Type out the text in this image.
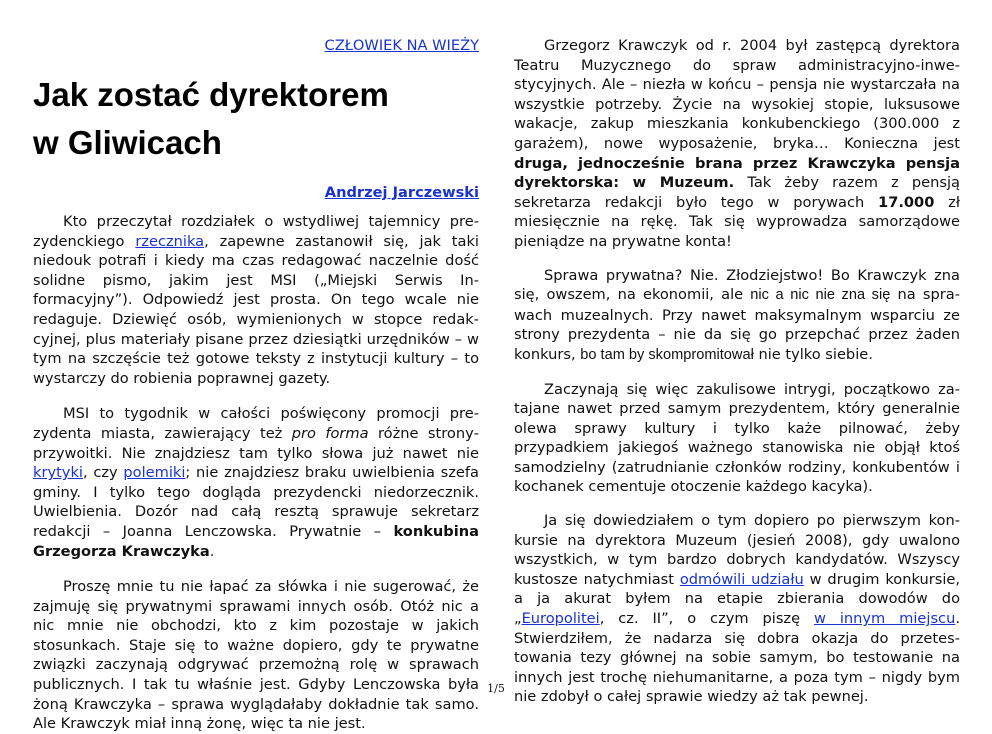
CZŁOWIEK NA WIEŻY
Jak zostać dyrektorem
w Gliwicach
Andrzej Jarczewski

Kto przeczytał rozdziałek o wstydliwej tajemnicy prezydenckiego rzecznika, zapewne zastanowił się, jak taki niedouk potrafi i kiedy ma czas redagować naczelnie dość solidne pismo, jakim jest MSI („Miejski Serwis Informacyjny”). Odpowiedź jest prosta. On tego wcale nie redaguje. Dziewięć osób, wymienionych w stopce redakcyjnej, plus materiały pisane przez dziesiątki urzędników – w tym na szczęście też gotowe teksty z instytucji kultury – to wystarczy do robienia poprawnej gazety.

MSI to tygodnik w całości poświęcony promocji prezydenta miasta, zawierający też pro forma różne stronyprzywoitki. Nie znajdziesz tam tylko słowa już nawet nie krytyki, czy polemiki; nie znajdziesz braku uwielbienia szefa gminy. I tylko tego dogląda prezydencki niedorzecznik. Uwielbienia. Dozór nad całą resztą sprawuje sekretarz redakcji – Joanna Lenczowska. Prywatnie – konkubina Grzegorza Krawczyka.

Proszę mnie tu nie łapać za słówka i nie sugerować, że zajmuję się prywatnymi sprawami innych osób. Otóż nic a nic mnie nie obchodzi, kto z kim pozostaje w jakich stosunkach. Staje się to ważne dopiero, gdy te prywatne związki zaczynają odgrywać przemożną rolę w sprawach publicznych. I tak tu właśnie jest. Gdyby Lenczowska była żoną Krawczyka – sprawa wyglądałaby dokładnie tak samo. Ale Krawczyk miał inną żonę, więc ta nie jest.

Grzegorz Krawczyk od r. 2004 był zastępcą dyrektora Teatru Muzycznego do spraw administracyjno-inwestycyjnych. Ale – niezła w końcu – pensja nie wystarczała na wszystkie potrzeby. Życie na wysokiej stopie, luksusowe wakacje, zakup mieszkania konkubenckiego (300.000 z garażem), nowe wyposażenie, bryka… Konieczna jest druga, jednocześnie brana przez Krawczyka pensja dyrektorska: w Muzeum. Tak żeby razem z pensją sekretarza redakcji było tego w porywach 17.000 zł miesięcznie na rękę. Tak się wyprowadza samorządowe pieniądze na prywatne konta!

Sprawa prywatna? Nie. Złodziejstwo! Bo Krawczyk zna się, owszem, na ekonomii, ale nic a nic nie zna się na sprawach muzealnych. Przy nawet maksymalnym wsparciu ze strony prezydenta – nie da się go przepchać przez żaden konkurs, bo tam by skompromitował nie tylko siebie.

Zaczynają się więc zakulisowe intrygi, początkowo zatajane nawet przed samym prezydentem, który generalnie olewa sprawy kultury i tylko każe pilnować, żeby przypadkiem jakiegoś ważnego stanowiska nie objął ktoś samodzielny (zatrudnianie członków rodziny, konkubentów i kochanek cementuje otoczenie każdego kacyka).

Ja się dowiedziałem o tym dopiero po pierwszym konkursie na dyrektora Muzeum (jesień 2008), gdy uwalono wszystkich, w tym bardzo dobrych kandydatów. Wszyscy kustosze natychmiast odmówili udziału w drugim konkursie, a ja akurat byłem na etapie zbierania dowodów do „Europolitei, cz. II”, o czym piszę w innym miejscu. Stwierdziłem, że nadarza się dobra okazja do przetestowania tezy głównej na sobie samym, bo testowanie na innych jest trochę niehumanitarne, a poza tym – nigdy bym nie zdobył o całej sprawie wiedzy aż tak pewnej.

1/5
